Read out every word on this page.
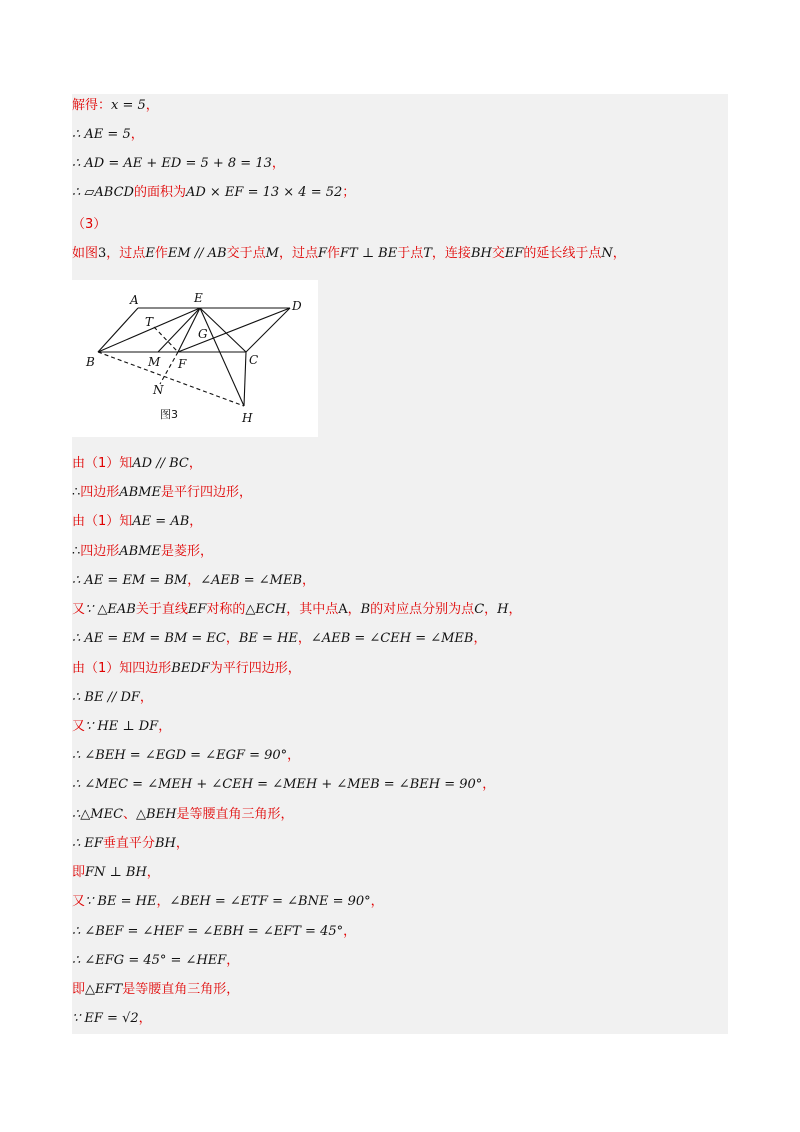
解得：x = 5，
∴ AE = 5，
∴ AD = AE + ED = 5 + 8 = 13，
∴ ▱ABCD的面积为AD × EF = 13 × 4 = 52；
（3）
如图3，过点E作EM // AB交于点M，过点F作FT ⊥ BE于点T，连接BH交EF的延长线于点N，
由（1）知AD // BC，
∴四边形ABME是平行四边形，
由（1）知AE = AB，
∴四边形ABME是菱形，
∴ AE = EM = BM，∠AEB = ∠MEB，
又∵ △EAB关于直线EF对称的△ECH，其中点A，B的对应点分别为点C，H，
∴ AE = EM = BM = EC，BE = HE，∠AEB = ∠CEH = ∠MEB，
由（1）知四边形BEDF为平行四边形，
∴ BE // DF，
又∵ HE ⊥ DF，
∴ ∠BEH = ∠EGD = ∠EGF = 90°，
∴ ∠MEC = ∠MEH + ∠CEH = ∠MEH + ∠MEB = ∠BEH = 90°，
∴△MEC、△BEH是等腰直角三角形，
∴ EF垂直平分BH，
即FN ⊥ BH，
又∵ BE = HE，∠BEH = ∠ETF = ∠BNE = 90°，
∴ ∠BEF = ∠HEF = ∠EBH = ∠EFT = 45°，
∴ ∠EFG = 45° = ∠HEF，
即△EFT是等腰直角三角形，
∵ EF = √2，
A	E
D
T
G
B	M F	C
N
H
图3
